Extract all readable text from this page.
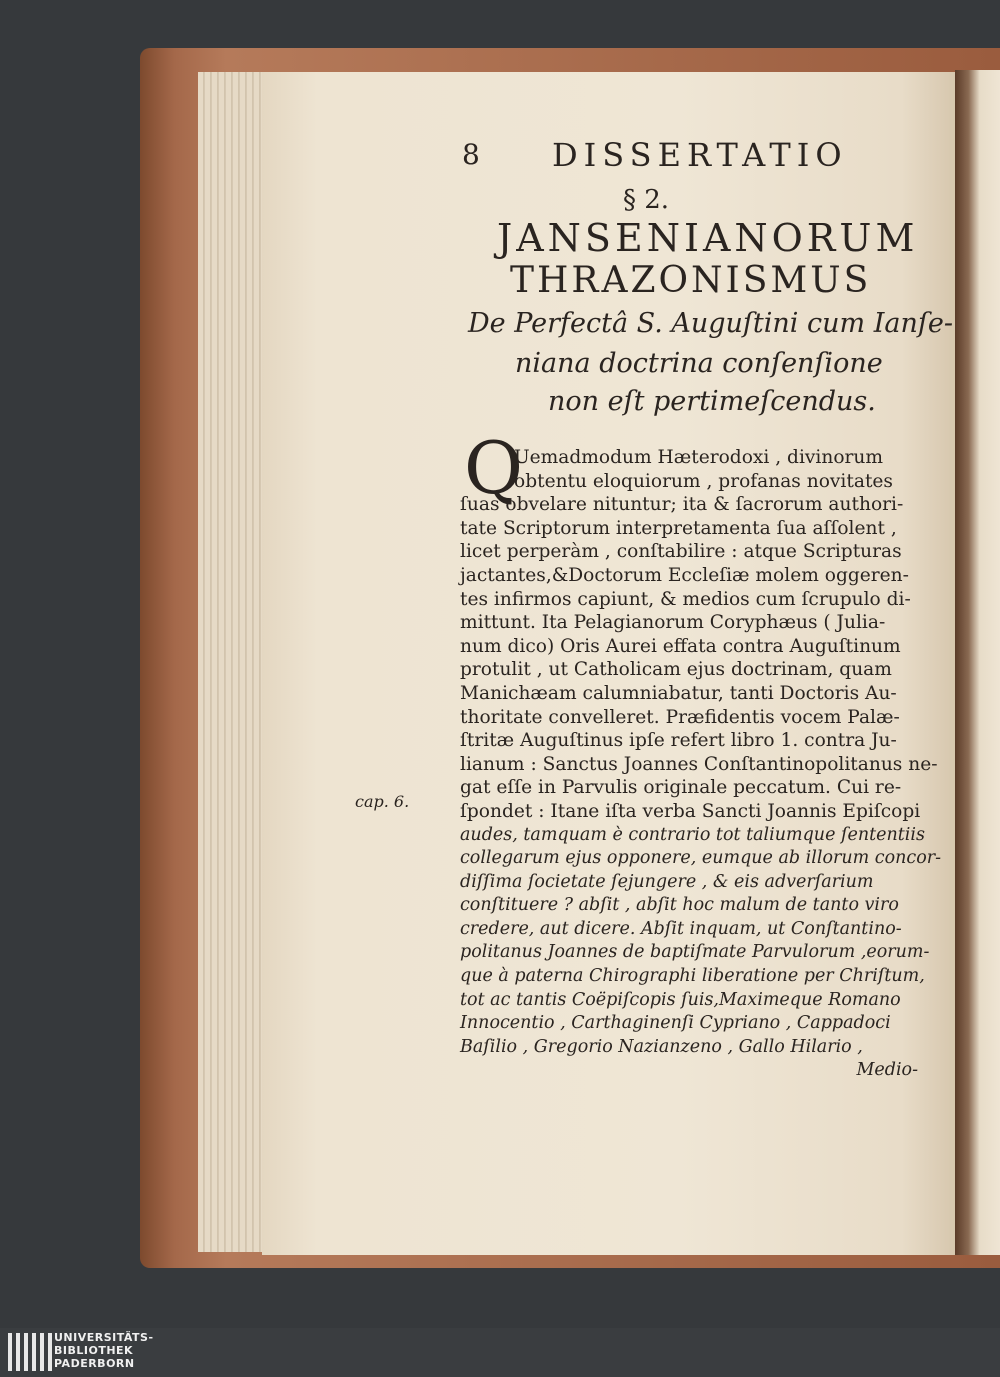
8 DISSERTATIO
§ 2.
JANSENIANORUM
THRAZONISMUS
De Perfectâ S. Auguſtini cum Ianſe-
niana doctrina conſenſione
non eſt pertimeſcendus.
Q
Uemadmodum Hæterodoxi , divinorum
obtentu eloquiorum , profanas novitates
ſuas obvelare nituntur; ita & ſacrorum authori-
tate Scriptorum interpretamenta ſua aſſolent ,
licet perperàm , conſtabilire : atque Scripturas
jactantes,&Doctorum Eccleſiæ molem oggeren-
tes infirmos capiunt, & medios cum ſcrupulo di-
mittunt. Ita Pelagianorum Coryphæus ( Julia-
num dico) Oris Aurei effata contra Auguſtinum
protulit , ut Catholicam ejus doctrinam, quam
Manichæam calumniabatur, tanti Doctoris Au-
thoritate convelleret. Præfidentis vocem Palæ-
ſtritæ Auguſtinus ipſe refert libro 1. contra Ju-
lianum : Sanctus Joannes Conſtantinopolitanus ne-
gat eſſe in Parvulis originale peccatum. Cui re-
ſpondet : Itane iſta verba Sancti Joannis Epiſcopi
audes, tamquam è contrario tot taliumque ſententiis
collegarum ejus opponere, eumque ab illorum concor-
diſſima ſocietate ſejungere , & eis adverſarium
conſtituere ? abſit , abſit hoc malum de tanto viro
credere, aut dicere. Abſit inquam, ut Conſtantino-
politanus Joannes de baptiſmate Parvulorum ,eorum-
que à paterna Chirographi liberatione per Chriſtum,
tot ac tantis Coëpiſcopis ſuis,Maximeque Romano
Innocentio , Carthaginenſi Cypriano , Cappadoci
Baſilio , Gregorio Nazianzeno , Gallo Hilario ,
Medio-
cap. 6.
UNIVERSITÄTS-
BIBLIOTHEK
PADERBORN
